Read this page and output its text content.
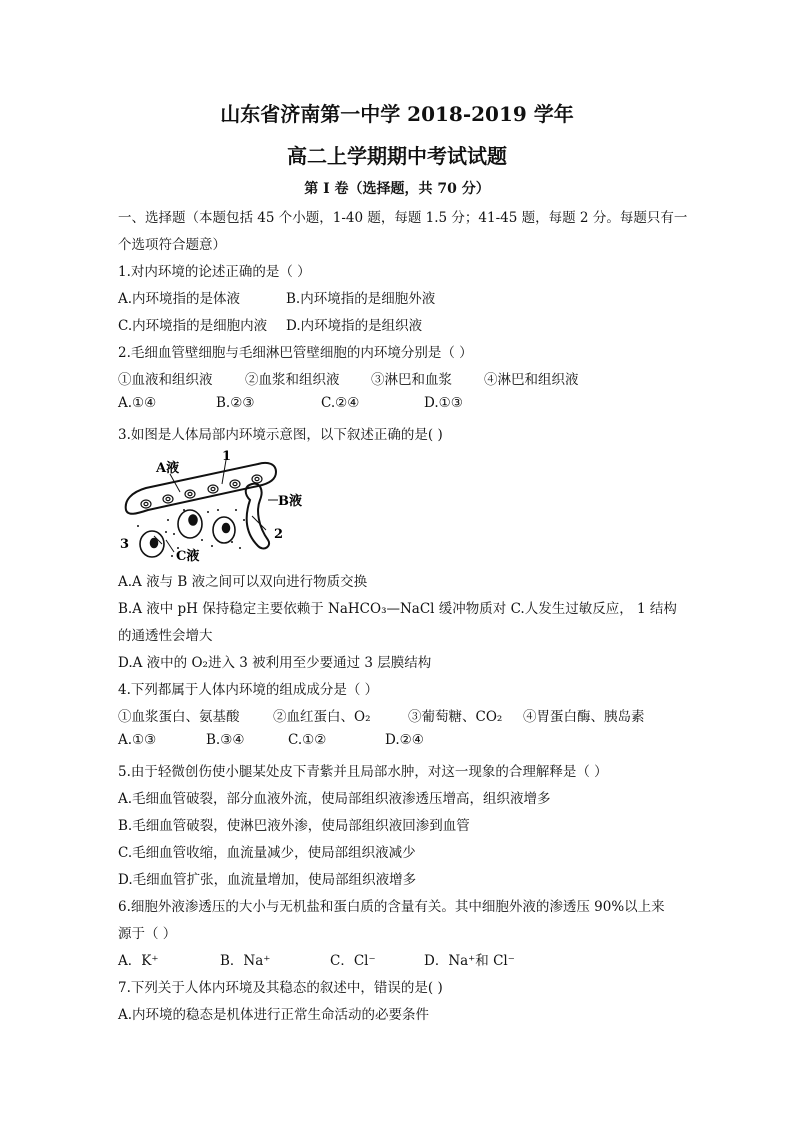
山东省济南第一中学 2018-2019 学年
高二上学期期中考试试题
第 I 卷（选择题，共 70 分）
一、选择题（本题包括 45 个小题，1-40 题，每题 1.5 分；41-45 题，每题 2 分。每题只有一
个选项符合题意）
1.对内环境的论述正确的是（ ）
A.内环境指的是体液	B.内环境指的是细胞外液
C.内环境指的是细胞内液 D.内环境指的是组织液
2.毛细血管壁细胞与毛细淋巴管壁细胞的内环境分别是（ ）
①血液和组织液 ②血浆和组织液 ③淋巴和血浆 ④淋巴和组织液
A.①④	B.②③	C.②④	D.①③
3.如图是人体局部内环境示意图，以下叙述正确的是( )
A液
1
B液
2
3
C液
A.A 液与 B 液之间可以双向进行物质交换
B.A 液中 pH 保持稳定主要依赖于 NaHCO₃—NaCl 缓冲物质对 C.人发生过敏反应， 1 结构
的通透性会增大
D.A 液中的 O₂进入 3 被利用至少要通过 3 层膜结构
4.下列都属于人体内环境的组成成分是（ ）
①血浆蛋白、氨基酸 ②血红蛋白、O₂	③葡萄糖、CO₂ ④胃蛋白酶、胰岛素
A.①③	B.③④	C.①②	D.②④
5.由于轻微创伤使小腿某处皮下青紫并且局部水肿，对这一现象的合理解释是（ ）
A.毛细血管破裂，部分血液外流，使局部组织液渗透压增高，组织液增多
B.毛细血管破裂，使淋巴液外渗，使局部组织液回渗到血管
C.毛细血管收缩，血流量减少，使局部组织液减少
D.毛细血管扩张，血流量增加，使局部组织液增多
6.细胞外液渗透压的大小与无机盐和蛋白质的含量有关。其中细胞外液的渗透压 90%以上来
源于（ ）
A．K⁺	B．Na⁺	C．Cl⁻	D．Na⁺和 Cl⁻
7.下列关于人体内环境及其稳态的叙述中，错误的是( )
A.内环境的稳态是机体进行正常生命活动的必要条件
